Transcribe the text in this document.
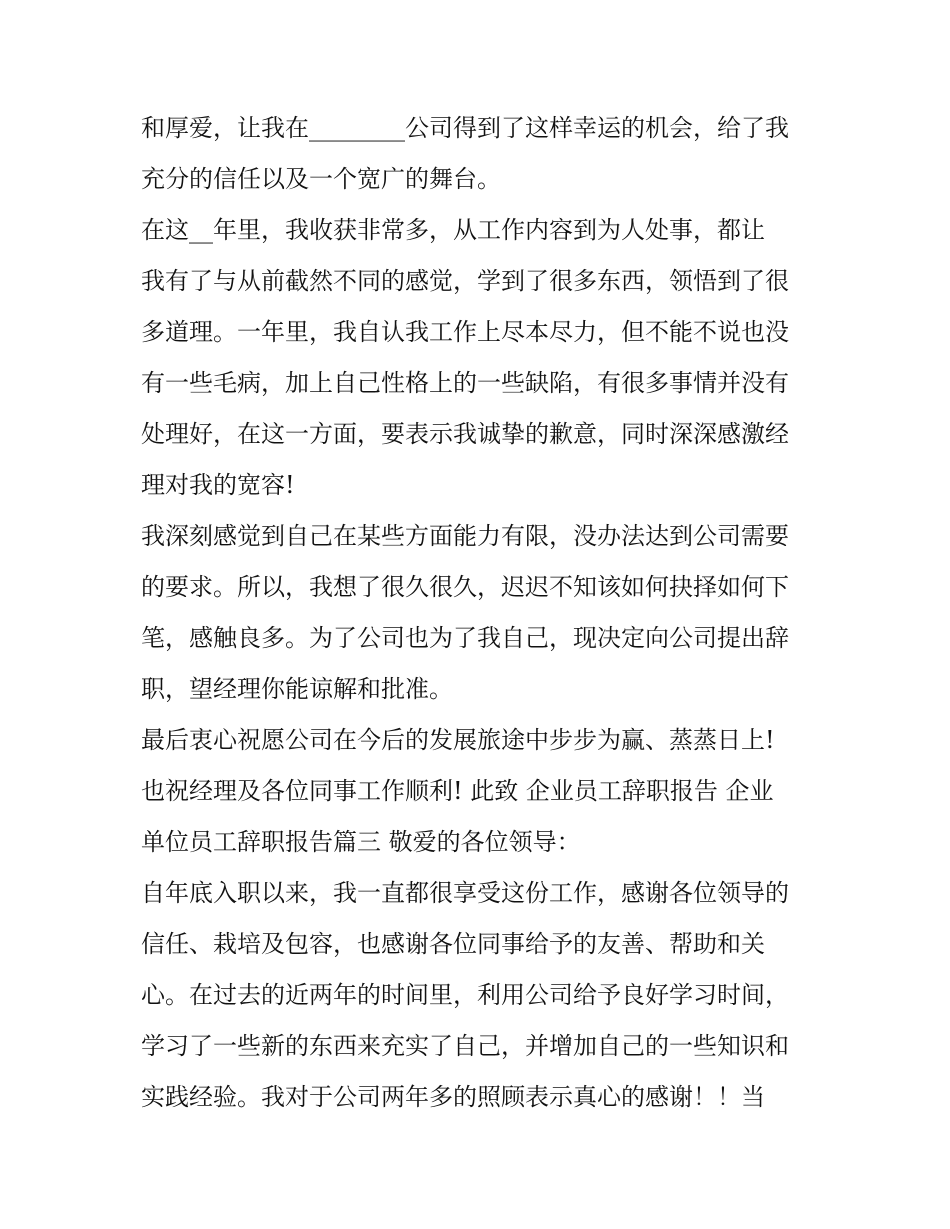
和厚爱，让我在________公司得到了这样幸运的机会，给了我
充分的信任以及一个宽广的舞台。
在这__年里，我收获非常多，从工作内容到为人处事，都让
我有了与从前截然不同的感觉，学到了很多东西，领悟到了很
多道理。一年里，我自认我工作上尽本尽力，但不能不说也没
有一些毛病，加上自己性格上的一些缺陷，有很多事情并没有
处理好，在这一方面，要表示我诚挚的歉意，同时深深感激经
理对我的宽容!
我深刻感觉到自己在某些方面能力有限，没办法达到公司需要
的要求。所以，我想了很久很久，迟迟不知该如何抉择如何下
笔，感触良多。为了公司也为了我自己，现决定向公司提出辞
职，望经理你能谅解和批准。
最后衷心祝愿公司在今后的发展旅途中步步为赢、蒸蒸日上!
也祝经理及各位同事工作顺利! 此致 企业员工辞职报告 企业
单位员工辞职报告篇三 敬爱的各位领导：
自年底入职以来，我一直都很享受这份工作，感谢各位领导的
信任、栽培及包容，也感谢各位同事给予的友善、帮助和关
心。在过去的近两年的时间里，利用公司给予良好学习时间，
学习了一些新的东西来充实了自己，并增加自己的一些知识和
实践经验。我对于公司两年多的照顾表示真心的感谢！！当
